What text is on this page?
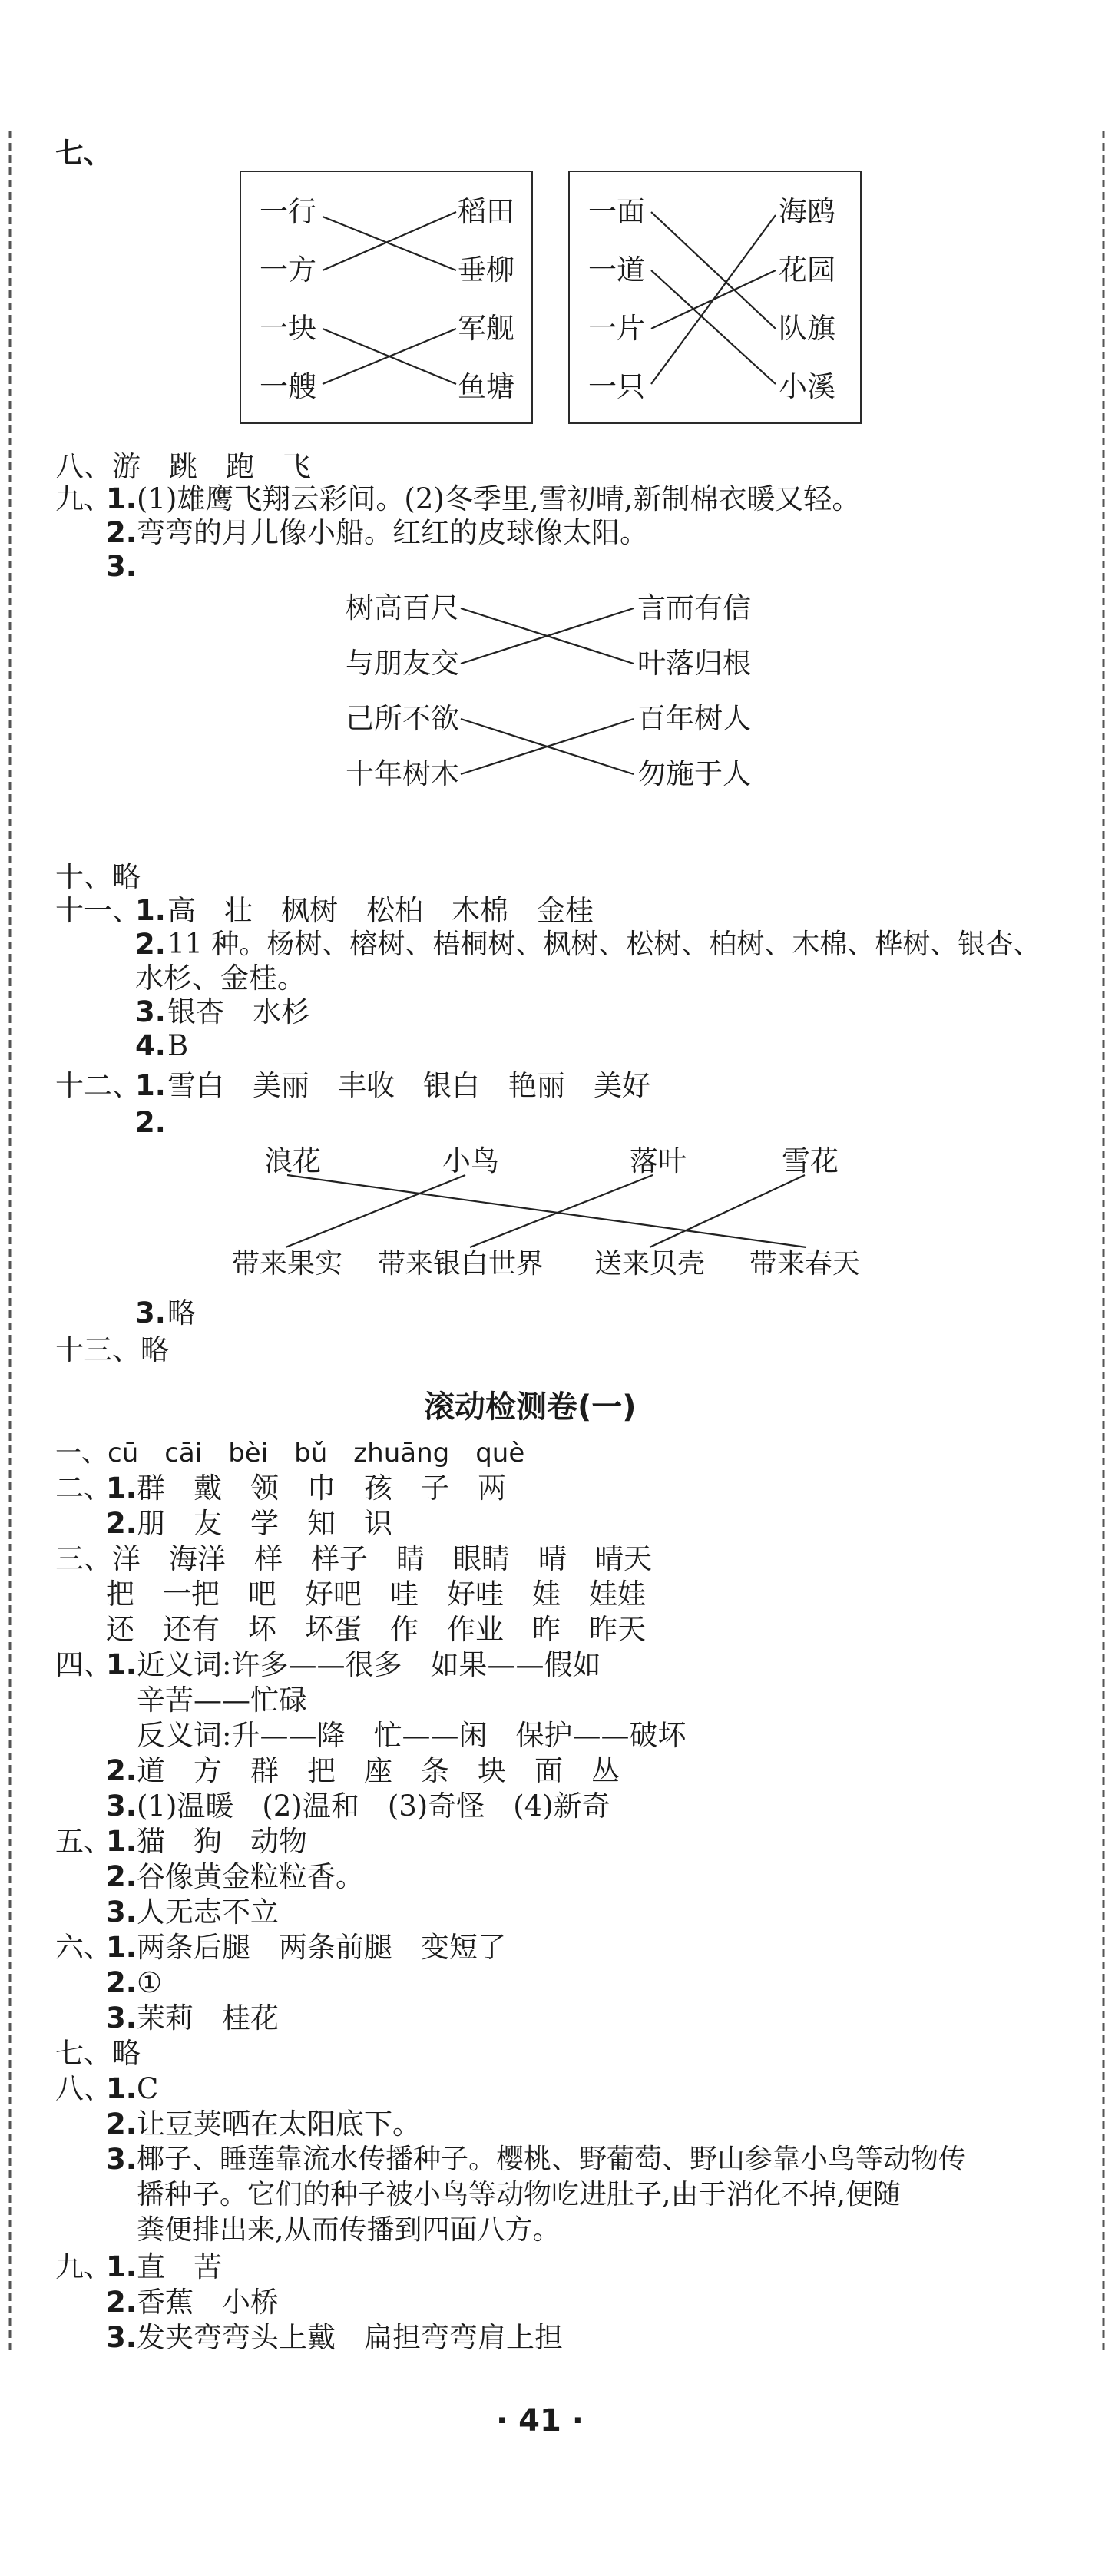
七、
一行
一方
一块
一艘
稻田
垂柳
军舰
鱼塘
一面
一道
一片
一只
海鸥
花园
队旗
小溪
八、游　跳　跑　飞
九、
1. (1)雄鹰飞翔云彩间。(2)冬季里,雪初晴,新制棉衣暖又轻。
2. 弯弯的月儿像小船。红红的皮球像太阳。
3.
树高百尺
与朋友交
己所不欲
十年树木
言而有信
叶落归根
百年树人
勿施于人
十、略
十一、
1. 高　壮　枫树　松柏　木棉　金桂
2. 11 种。杨树、榕树、梧桐树、枫树、松树、柏树、木棉、桦树、银杏、
水杉、金桂。
3. 银杏　水杉
4. B
十二、
1. 雪白　美丽　丰收　银白　艳丽　美好
2.
浪花	小鸟	落叶	雪花
带来果实 带来银白世界 送来贝壳 带来春天
3. 略
十三、略
滚动检测卷(一)
一、cū　cāi　bèi　bǔ　zhuāng　què
二、
1. 群　戴　领　巾　孩　子　两
2. 朋　友　学　知　识
三、洋　海洋　样　样子　睛　眼睛　晴　晴天
把　一把　吧　好吧　哇　好哇　娃　娃娃
还　还有　坏　坏蛋　作　作业　昨　昨天
四、
1. 近义词:许多——很多　如果——假如
辛苦——忙碌
反义词:升——降　忙——闲　保护——破坏
2. 道　方　群　把　座　条　块　面　丛
3. (1)温暖　(2)温和　(3)奇怪　(4)新奇
五、
1. 猫　狗　动物
2. 谷像黄金粒粒香。
3. 人无志不立
六、
1. 两条后腿　两条前腿　变短了
2. ①
3. 茉莉　桂花
七、略
八、
1. C
2. 让豆荚晒在太阳底下。
3. 椰子、睡莲靠流水传播种子。樱桃、野葡萄、野山参靠小鸟等动物传
播种子。它们的种子被小鸟等动物吃进肚子,由于消化不掉,便随
粪便排出来,从而传播到四面八方。
九、
1. 直　苦
2. 香蕉　小桥
3. 发夹弯弯头上戴　扁担弯弯肩上担
· 41 ·
